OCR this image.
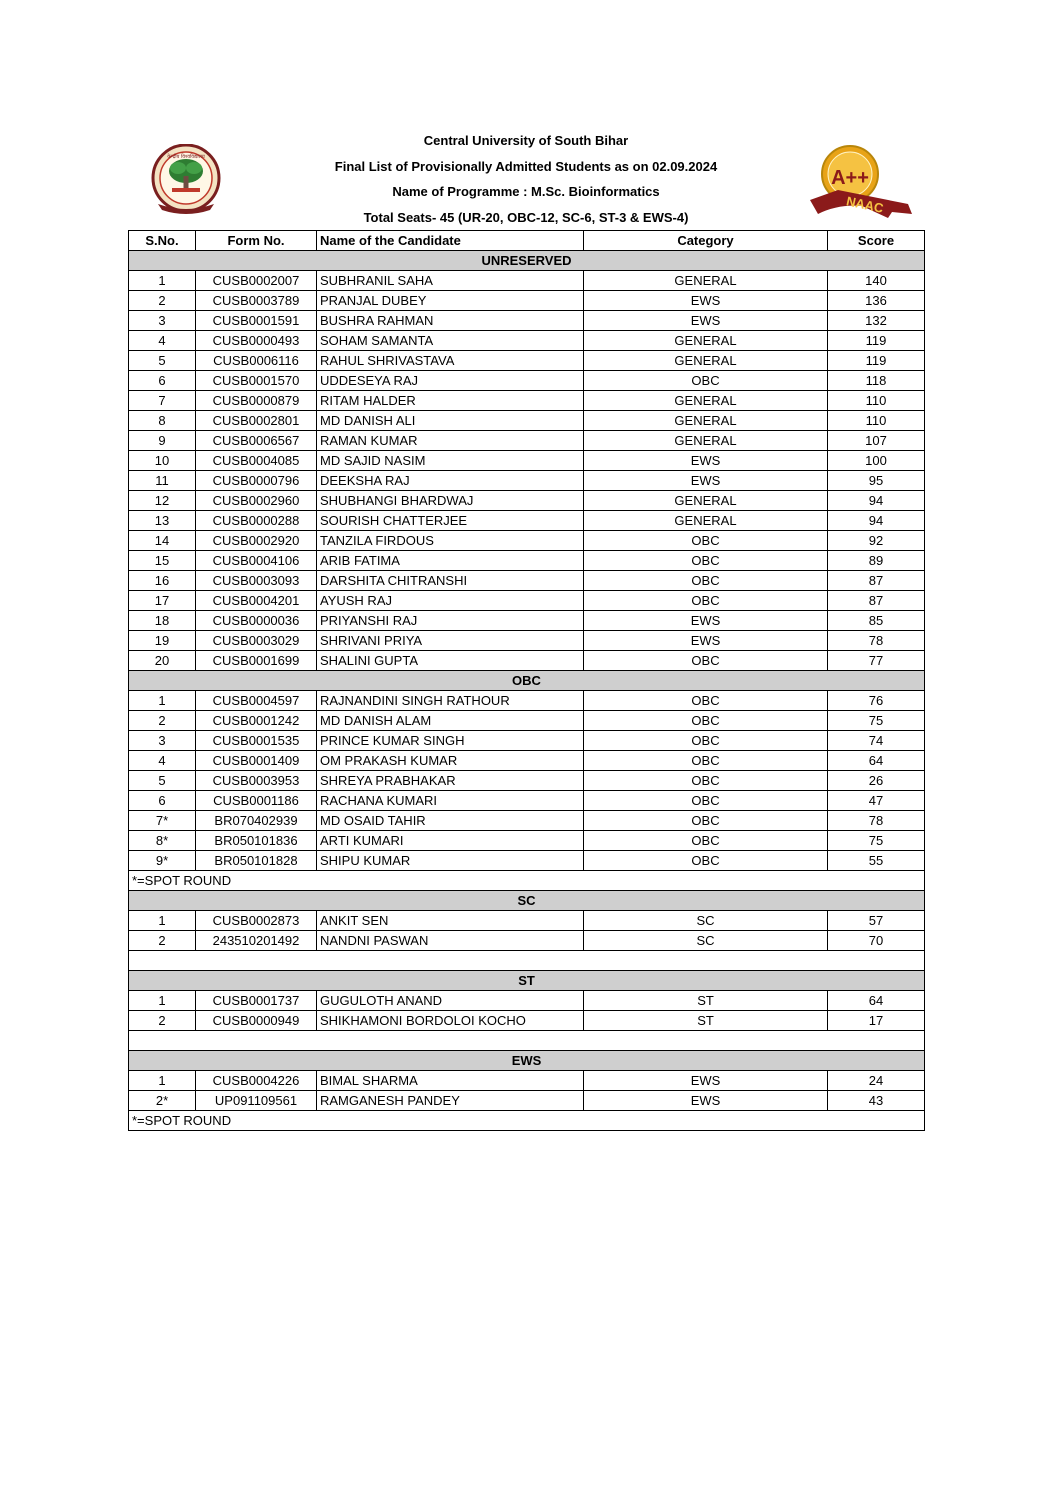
Central University of South Bihar
Final List of Provisionally Admitted Students as on 02.09.2024
Name of Programme : M.Sc. Bioinformatics
Total Seats- 45 (UR-20, OBC-12, SC-6, ST-3 & EWS-4)
केन्द्रीय विश्वविद्यालय
A++
NAAC
S.No.	Form No.	Name of the Candidate	Category	Score
UNRESERVED				
1	CUSB0002007	SUBHRANIL SAHA	GENERAL	140
2	CUSB0003789	PRANJAL DUBEY	EWS	136
3	CUSB0001591	BUSHRA RAHMAN	EWS	132
4	CUSB0000493	SOHAM SAMANTA	GENERAL	119
5	CUSB0006116	RAHUL SHRIVASTAVA	GENERAL	119
6	CUSB0001570	UDDESEYA RAJ	OBC	118
7	CUSB0000879	RITAM HALDER	GENERAL	110
8	CUSB0002801	MD DANISH ALI	GENERAL	110
9	CUSB0006567	RAMAN KUMAR	GENERAL	107
10	CUSB0004085	MD SAJID NASIM	EWS	100
11	CUSB0000796	DEEKSHA RAJ	EWS	95
12	CUSB0002960	SHUBHANGI BHARDWAJ	GENERAL	94
13	CUSB0000288	SOURISH CHATTERJEE	GENERAL	94
14	CUSB0002920	TANZILA FIRDOUS	OBC	92
15	CUSB0004106	ARIB FATIMA	OBC	89
16	CUSB0003093	DARSHITA CHITRANSHI	OBC	87
17	CUSB0004201	AYUSH RAJ	OBC	87
18	CUSB0000036	PRIYANSHI RAJ	EWS	85
19	CUSB0003029	SHRIVANI PRIYA	EWS	78
20	CUSB0001699	SHALINI GUPTA	OBC	77
OBC				
1	CUSB0004597	RAJNANDINI SINGH RATHOUR	OBC	76
2	CUSB0001242	MD DANISH ALAM	OBC	75
3	CUSB0001535	PRINCE KUMAR SINGH	OBC	74
4	CUSB0001409	OM PRAKASH KUMAR	OBC	64
5	CUSB0003953	SHREYA PRABHAKAR	OBC	26
6	CUSB0001186	RACHANA KUMARI	OBC	47
7*	BR070402939	MD OSAID TAHIR	OBC	78
8*	BR050101836	ARTI KUMARI	OBC	75
9*	BR050101828	SHIPU KUMAR	OBC	55
*=SPOT ROUND				
SC				
1	CUSB0002873	ANKIT SEN	SC	57
2	243510201492	NANDNI PASWAN	SC	70

ST				
1	CUSB0001737	GUGULOTH ANAND	ST	64
2	CUSB0000949	SHIKHAMONI BORDOLOI KOCHO	ST	17

EWS				
1	CUSB0004226	BIMAL SHARMA	EWS	24
2*	UP091109561	RAMGANESH PANDEY	EWS	43
*=SPOT ROUND				
